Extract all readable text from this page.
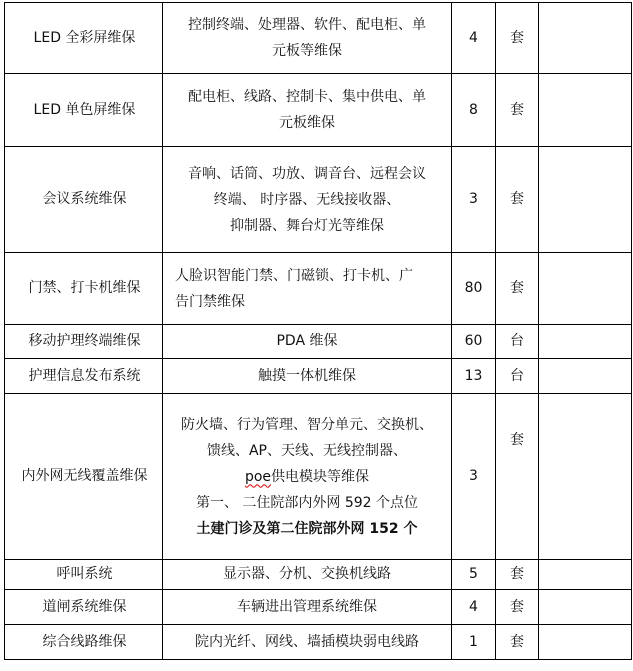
LED 全彩屏维保	控制终端、处理器、软件、配电柜、单
元板等维保	4	套	
LED 单色屏维保	配电柜、线路、控制卡、集中供电、单
元板维保	8	套	
会议系统维保	音响、话筒、功放、调音台、远程会议
终端、 时序器、无线接收器、
抑制器、舞台灯光等维保	3	套	
门禁、打卡机维保	人脸识智能门禁、门磁锁、打卡机、广
告门禁维保	80	套	
移动护理终端维保	PDA 维保	60	台	
护理信息发布系统	触摸一体机维保	13	台	
内外网无线覆盖维保	防火墙、行为管理、智分单元、交换机、
馈线、AP、天线、无线控制器、
poe供电模块等维保
第一、 二住院部内外网 592 个点位
土建门诊及第二住院部外网 152 个	3	套	
呼叫系统	显示器、分机、交换机线路	5	套	
道闸系统维保	车辆进出管理系统维保	4	套	
综合线路维保	院内光纤、网线、墙插模块弱电线路	1	套	
